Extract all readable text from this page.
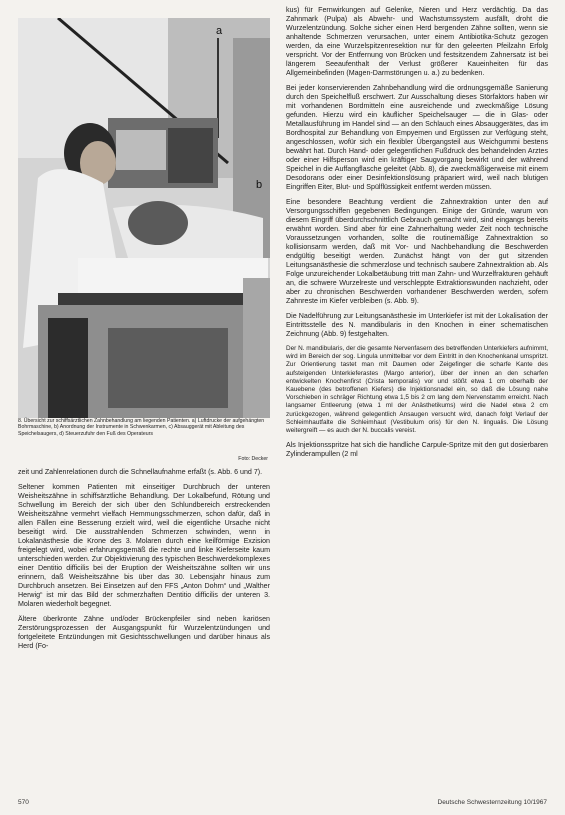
a
b
8. Übersicht zur schiffsärztlichen Zahnbehandlung am liegenden Patienten. a) Luftdrucke der aufgehängten Bohrmaschine, b) Anordnung der Instrumente in Schwenkarmen, c) Absauggerät mit Ableitung des Speichelsaugers, d) Steuerzufuhr den Fuß des Operateurs
Foto: Decker

zeit und Zahlenrelationen durch die Schnellaufnahme erfaßt (s. Abb. 6 und 7).

Seltener kommen Patienten mit einseitiger Durchbruch der unteren Weisheitszähne in schiffsärztliche Behandlung. Der Lokalbefund, Rötung und Schwellung im Bereich der sich über den Schlundbereich erstreckenden Weisheitszähne vermehrt vielfach Hemmungsschmerzen, schon dafür, daß in allen Fällen eine Besserung erzielt wird, weil die eigentliche Ursache nicht beseitigt wird. Die ausstrahlenden Schmerzen schwinden, wenn in Lokalanästhesie die Krone des 3. Molaren durch eine keilförmige Exzision freigelegt wird, wobei erfahrungsgemäß die rechte und linke Kieferseite kaum unterschieden werden. Zur Objektivierung des typischen Beschwerdekomplexes einer Dentitio difficilis bei der Eruption der Weisheitszähne sollten wir uns erinnern, daß Weisheitszähne bis über das 30. Lebensjahr hinaus zum Durchbruch ansetzen. Bei Einsetzen auf den FFS „Anton Dohrn“ und „Walther Herwig“ ist mir das Bild der schmerzhaften Dentitio difficilis der unteren 3. Molaren wiederholt begegnet.

Ältere überkronte Zähne und/oder Brückenpfeiler sind neben kariösen Zerstörungsprozessen der Ausgangspunkt für Wurzelentzündungen und fortgeleitete Entzündungen mit Gesichtsschwellungen und darüber hinaus als Herd (Fo-

kus) für Fernwirkungen auf Gelenke, Nieren und Herz verdächtig. Da das Zahnmark (Pulpa) als Abwehr- und Wachstumssystem ausfällt, droht die Wurzelentzündung. Solche sicher einen Herd bergenden Zähne sollten, wenn sie anhaltende Schmerzen verursachen, unter einem Antibiotika-Schutz gezogen werden, da eine Wurzelspitzenresektion nur für den geleerten Pfeilzahn Erfolg verspricht. Vor der Entfernung von Brücken und festsitzendem Zahnersatz ist bei längerem Seeaufenthalt der Verlust größerer Kaueinheiten für das Allgemeinbefinden (Magen-Darmstörungen u. a.) zu bedenken.

Bei jeder konservierenden Zahnbehandlung wird die ordnungsgemäße Sanierung durch den Speichelfluß erschwert. Zur Ausschaltung dieses Störfaktors haben wir mit vorhandenen Bordmitteln eine ausreichende und zweckmäßige Lösung gefunden. Hierzu wird ein käuflicher Speichelsauger — die in Glas- oder Metallausführung im Handel sind — an den Schlauch eines Absauggerätes, das im Bordhospital zur Behandlung von Empyemen und Ergüssen zur Verfügung steht, angeschlossen, wofür sich ein flexibler Übergangsteil aus Weichgummi bestens bewährt hat. Durch Hand- oder gelegentlichen Fußdruck des behandelnden Arztes oder einer Hilfsperson wird ein kräftiger Saugvorgang bewirkt und der während Speichel in die Auffangflasche geleitet (Abb. 8), die zweckmäßigerweise mit einem Desodorans oder einer Desinfektionslösung präpariert wird, weil nach blutigen Eingriffen Eiter, Blut- und Spülflüssigkeit entfernt werden müssen.

Eine besondere Beachtung verdient die Zahnextraktion unter den auf Versorgungsschiffen gegebenen Bedingungen. Einige der Gründe, warum von diesem Eingriff überdurchschnittlich Gebrauch gemacht wird, sind eingangs bereits erwähnt worden. Sind aber für eine Zahnerhaltung weder Zeit noch technische Voraussetzungen vorhanden, sollte die routinemäßige Zahnextraktion so kollisionsarm werden, daß mit Vor- und Nachbehandlung die Beschwerden endgültig beseitigt werden. Zunächst hängt von der gut sitzenden Leitungsanästhesie die schmerzlose und technisch saubere Zahnextraktion ab. Als Folge unzureichender Lokalbetäubung tritt man Zahn- und Wurzelfrakturen gehäuft an, die schwere Wurzelreste und verschleppte Extraktionswunden nachzieht, oder aber zu chronischen Beschwerden vorhandener Beschwerden werden, sofern Zahnreste im Kiefer verbleiben (s. Abb. 9).

Die Nadelführung zur Leitungsanästhesie im Unterkiefer ist mit der Lokalisation der Eintrittsstelle des N. mandibularis in den Knochen in einer schematischen Zeichnung (Abb. 9) festgehalten.

Der N. mandibularis, der die gesamte Nervenfasern des betreffenden Unterkiefers aufnimmt, wird im Bereich der sog. Lingula unmittelbar vor dem Eintritt in den Knochenkanal umspritzt. Zur Orientierung tastet man mit Daumen oder Zeigefinger die scharfe Kante des aufsteigenden Unterkieferastes (Margo anterior), über der innen an den scharfen entwickelten Knochenfirst (Crista temporalis) vor und stößt etwa 1 cm oberhalb der Kauebene (des betroffenen Kiefers) die Injektionsnadel ein, so daß die Lösung nahe Vorschieben in schräger Richtung etwa 1,5 bis 2 cm lang dem Nervenstamm erreicht. Nach langsamer Entleerung (etwa 1 ml der Anästhetikums) wird die Nadel etwa 2 cm zurückgezogen, während gelegentlich Ansaugen versucht wird, danach folgt Verlauf der Schleimhautfalte die Schleimhaut (Vestibulum oris) für den N. lingualis. Die Lösung weitergreift — es auch der N. buccalis vereist.

Als Injektionsspritze hat sich die handliche Carpule-Spritze mit den gut dosierbaren Zylinderampullen (2 ml

570	Deutsche Schwesternzeitung 10/1967
